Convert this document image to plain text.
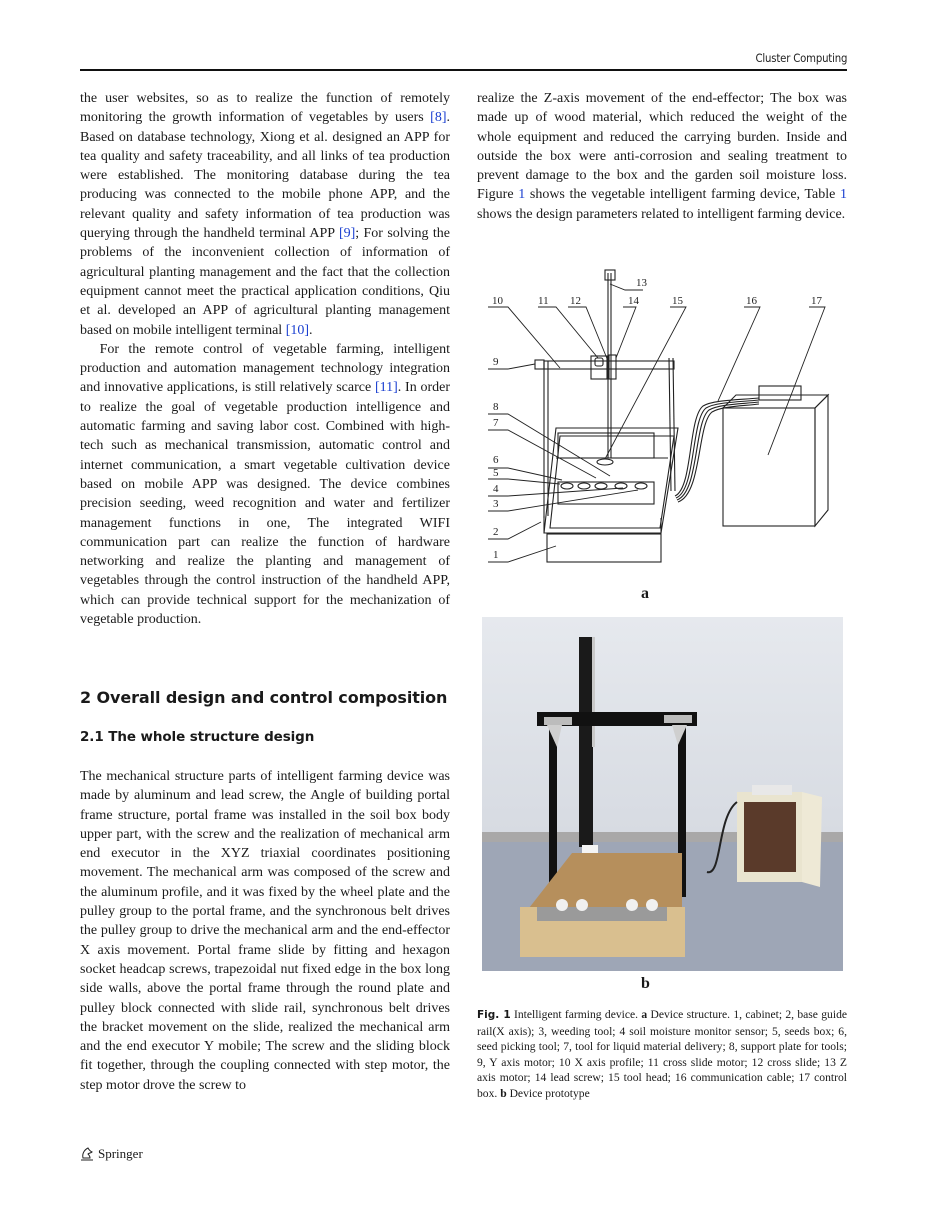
Cluster Computing

the user websites, so as to realize the function of remotely monitoring the growth information of vegetables by users [8]. Based on database technology, Xiong et al. designed an APP for tea quality and safety traceability, and all links of tea production were established. The monitoring database during the tea producing was connected to the mobile phone APP, and the relevant quality and safety information of tea production was querying through the handheld terminal APP [9]; For solving the problems of the inconvenient collection of information of agricultural planting management and the fact that the collection equipment cannot meet the practical application conditions, Qiu et al. developed an APP of agricultural planting management based on mobile intelligent terminal [10].

For the remote control of vegetable farming, intelligent production and automation management technology integration and innovative applications, is still relatively scarce [11]. In order to realize the goal of vegetable production intelligence and automatic farming and saving labor cost. Combined with high-tech such as mechanical transmission, automatic control and internet communication, a smart vegetable cultivation device based on mobile APP was designed. The device combines precision seeding, weed recognition and water and fertilizer management functions in one, The integrated WIFI communication part can realize the function of hardware networking and realize the planting and management of vegetables through the control instruction of the handheld APP, which can provide technical support for the mechanization of vegetable production.

2 Overall design and control composition
2.1 The whole structure design

The mechanical structure parts of intelligent farming device was made by aluminum and lead screw, the Angle of building portal frame structure, portal frame was installed in the soil box body upper part, with the screw and the realization of mechanical arm end executor in the XYZ triaxial coordinates positioning movement. The mechanical arm was composed of the screw and the aluminum profile, and it was fixed by the wheel plate and the pulley group to the portal frame, and the synchronous belt drives the pulley group to drive the mechanical arm and the end-effector X axis movement. Portal frame slide by fitting and hexagon socket headcap screws, trapezoidal nut fixed edge in the box long side walls, above the portal frame through the round plate and pulley block connected with slide rail, synchronous belt drives the bracket movement on the slide, realized the mechanical arm and the end executor Y mobile; The screw and the sliding block fit together, through the coupling connected with step motor, the step motor drove the screw to

realize the Z-axis movement of the end-effector; The box was made up of wood material, which reduced the weight of the whole equipment and reduced the carrying burden. Inside and outside the box were anti-corrosion and sealing treatment to prevent damage to the box and the garden soil moisture loss. Figure 1 shows the vegetable intelligent farming device, Table 1 shows the design parameters related to intelligent farming device.

1
2
3
4
5
6
7
8
9
10	11 12
13
14	15	16	17
a
b
Fig. 1 Intelligent farming device. a Device structure. 1, cabinet; 2, base guide rail(X axis); 3, weeding tool; 4 soil moisture monitor sensor; 5, seeds box; 6, seed picking tool; 7, tool for liquid material delivery; 8, support plate for tools; 9, Y axis motor; 10 X axis profile; 11 cross slide motor; 12 cross slide; 13 Z axis motor; 14 lead screw; 15 tool head; 16 communication cable; 17 control box. b Device prototype
Springer
